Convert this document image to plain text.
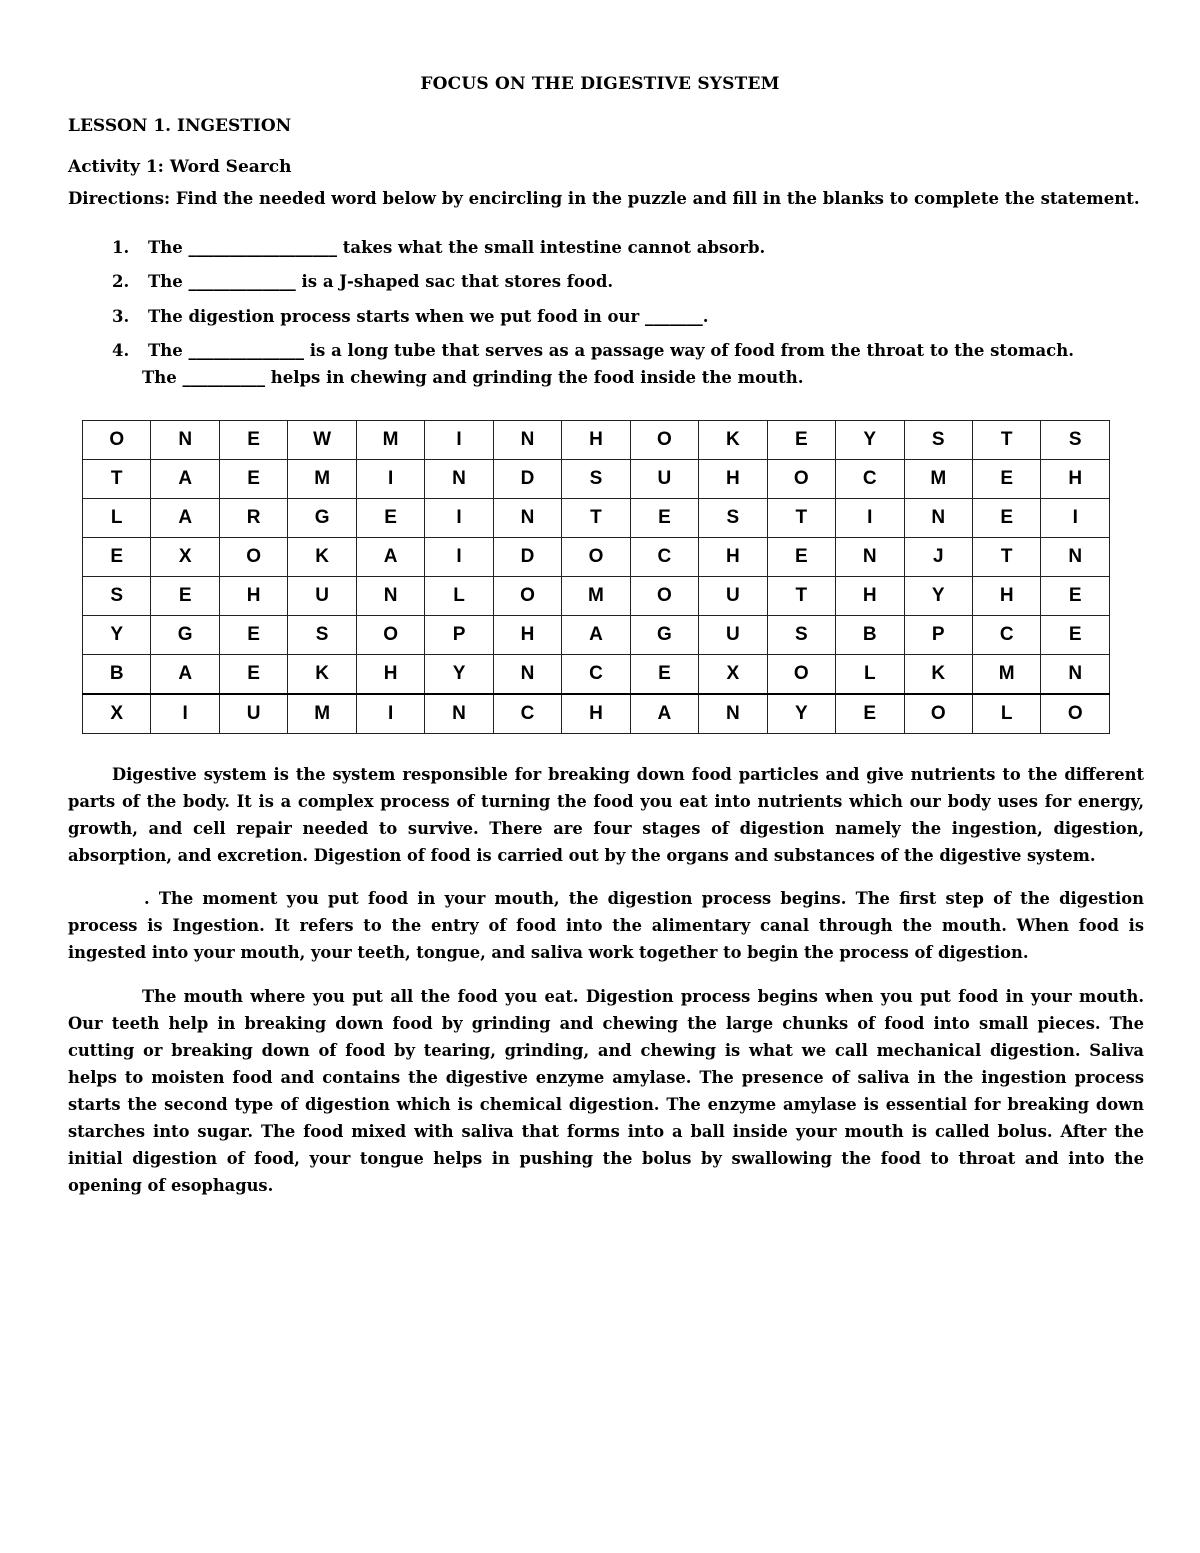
FOCUS ON THE DIGESTIVE SYSTEM
LESSON 1. INGESTION
Activity 1: Word Search
Directions: Find the needed word below by encircling in the puzzle and fill in the blanks to complete the statement.
1. The __________________ takes what the small intestine cannot absorb.
2. The _____________ is a J-shaped sac that stores food.
3. The digestion process starts when we put food in our _______.
4. The ______________ is a long tube that serves as a passage way of food from the throat to the stomach.
The __________ helps in chewing and grinding the food inside the mouth.
O	N	E	W	M	I	N	H	O	K	E	Y	S	T	S
T	A	E	M	I	N	D	S	U	H	O	C	M	E	H
L	A	R	G	E	I	N	T	E	S	T	I	N	E	I
E	X	O	K	A	I	D	O	C	H	E	N	J	T	N
S	E	H	U	N	L	O	M	O	U	T	H	Y	H	E
Y	G	E	S	O	P	H	A	G	U	S	B	P	C	E
B	A	E	K	H	Y	N	C	E	X	O	L	K	M	N
X	I	U	M	I	N	C	H	A	N	Y	E	O	L	O
Digestive system is the system responsible for breaking down food particles and give nutrients to the different parts of the body. It is a complex process of turning the food you eat into nutrients which our body uses for energy, growth, and cell repair needed to survive. There are four stages of digestion namely the ingestion, digestion, absorption, and excretion. Digestion of food is carried out by the organs and substances of the digestive system.
. The moment you put food in your mouth, the digestion process begins. The first step of the digestion process is Ingestion. It refers to the entry of food into the alimentary canal through the mouth. When food is ingested into your mouth, your teeth, tongue, and saliva work together to begin the process of digestion.
The mouth where you put all the food you eat. Digestion process begins when you put food in your mouth. Our teeth help in breaking down food by grinding and chewing the large chunks of food into small pieces. The cutting or breaking down of food by tearing, grinding, and chewing is what we call mechanical digestion. Saliva helps to moisten food and contains the digestive enzyme amylase. The presence of saliva in the ingestion process starts the second type of digestion which is chemical digestion. The enzyme amylase is essential for breaking down starches into sugar. The food mixed with saliva that forms into a ball inside your mouth is called bolus. After the initial digestion of food, your tongue helps in pushing the bolus by swallowing the food to throat and into the opening of esophagus.
